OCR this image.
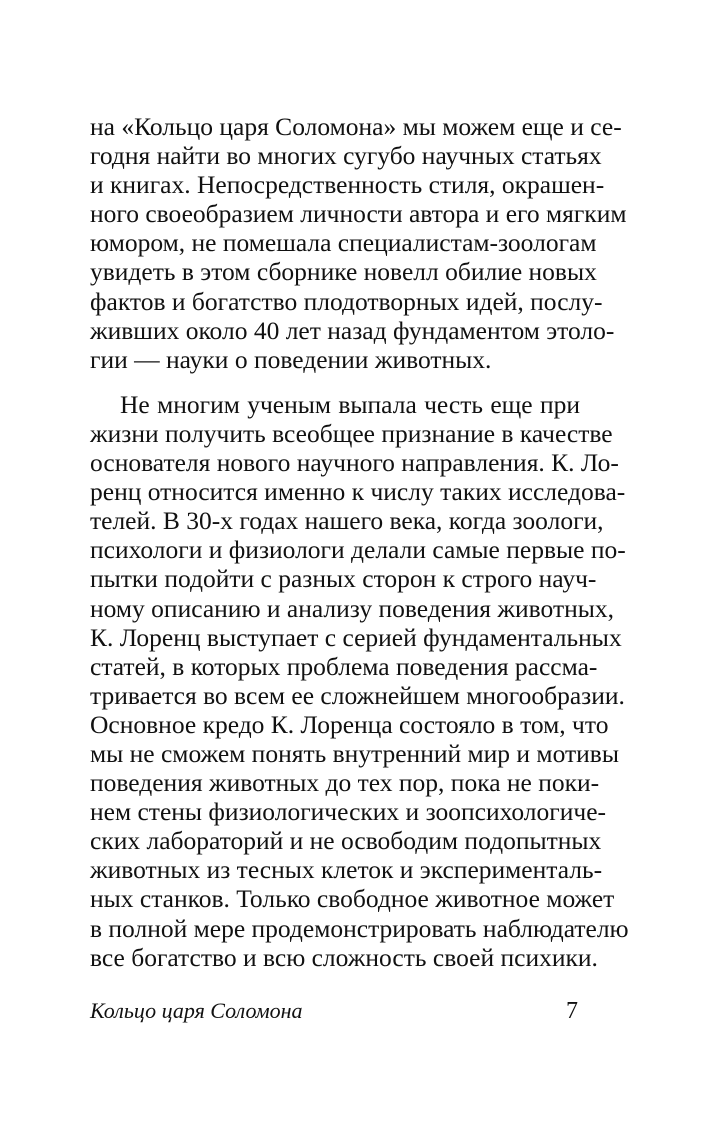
на «Кольцо царя Соломона» мы можем еще и се-
годня найти во многих сугубо научных статьях
и книгах. Непосредственность стиля, окрашен-
ного своеобразием личности автора и его мягким
юмором, не помешала специалистам-зоологам
увидеть в этом сборнике новелл обилие новых
фактов и богатство плодотворных идей, послу-
живших около 40 лет назад фундаментом этоло-
гии — науки о поведении животных.

Не многим ученым выпала честь еще при
жизни получить всеобщее признание в качестве
основателя нового научного направления. К. Ло-
ренц относится именно к числу таких исследова-
телей. В 30-х годах нашего века, когда зоологи,
психологи и физиологи делали самые первые по-
пытки подойти с разных сторон к строго науч-
ному описанию и анализу поведения животных,
К. Лоренц выступает с серией фундаментальных
статей, в которых проблема поведения рассма-
тривается во всем ее сложнейшем многообразии.
Основное кредо К. Лоренца состояло в том, что
мы не сможем понять внутренний мир и мотивы
поведения животных до тех пор, пока не поки-
нем стены физиологических и зоопсихологиче-
ских лабораторий и не освободим подопытных
животных из тесных клеток и эксперименталь-
ных станков. Только свободное животное может
в полной мере продемонстрировать наблюдателю
все богатство и всю сложность своей психики.

Кольцо царя Соломона	7
